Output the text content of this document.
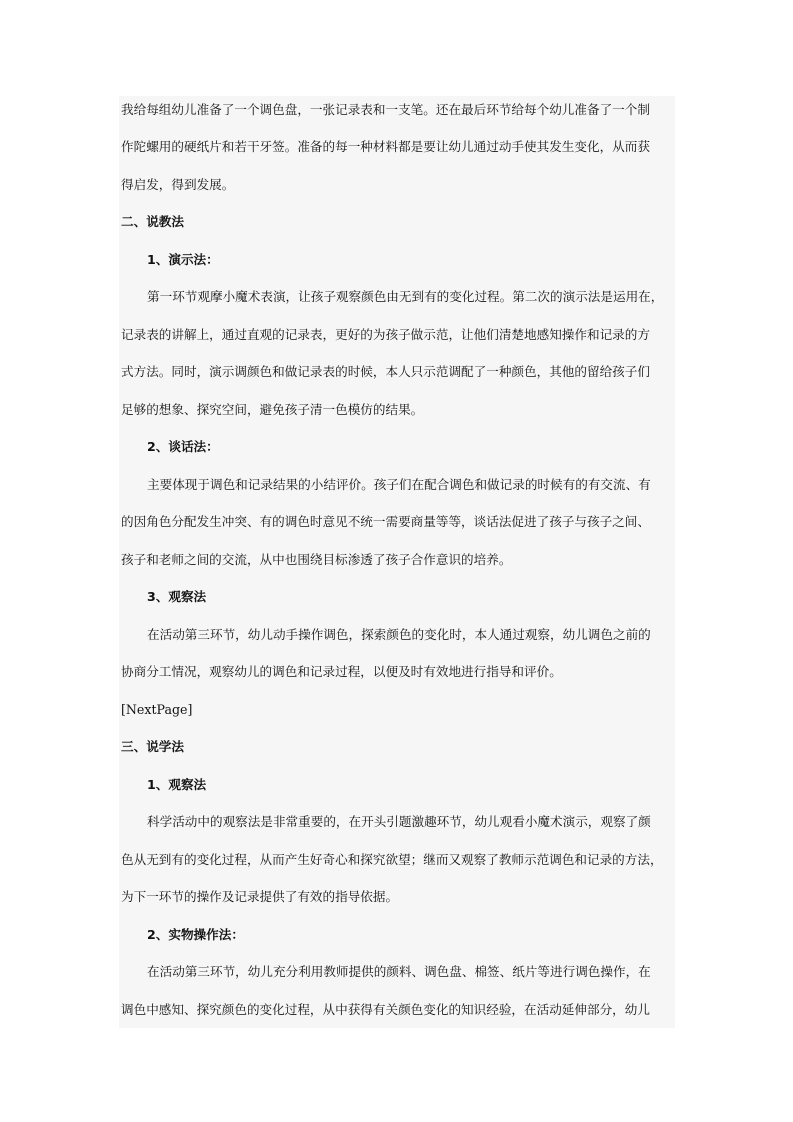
我给每组幼儿准备了一个调色盘，一张记录表和一支笔。还在最后环节给每个幼儿准备了一个制
作陀螺用的硬纸片和若干牙签。准备的每一种材料都是要让幼儿通过动手使其发生变化，从而获
得启发，得到发展。
二、说教法
1、演示法：
第一环节观摩小魔术表演，让孩子观察颜色由无到有的变化过程。第二次的演示法是运用在，
记录表的讲解上，通过直观的记录表，更好的为孩子做示范，让他们清楚地感知操作和记录的方
式方法。同时，演示调颜色和做记录表的时候，本人只示范调配了一种颜色，其他的留给孩子们
足够的想象、探究空间，避免孩子清一色模仿的结果。
2、谈话法：
主要体现于调色和记录结果的小结评价。孩子们在配合调色和做记录的时候有的有交流、有
的因角色分配发生冲突、有的调色时意见不统一需要商量等等，谈话法促进了孩子与孩子之间、
孩子和老师之间的交流，从中也围绕目标渗透了孩子合作意识的培养。
3、观察法
在活动第三环节，幼儿动手操作调色，探索颜色的变化时，本人通过观察，幼儿调色之前的
协商分工情况，观察幼儿的调色和记录过程，以便及时有效地进行指导和评价。
[NextPage]
三、说学法
1、观察法
科学活动中的观察法是非常重要的，在开头引题激趣环节，幼儿观看小魔术演示，观察了颜
色从无到有的变化过程，从而产生好奇心和探究欲望；继而又观察了教师示范调色和记录的方法，
为下一环节的操作及记录提供了有效的指导依据。
2、实物操作法：
在活动第三环节，幼儿充分利用教师提供的颜料、调色盘、棉签、纸片等进行调色操作，在
调色中感知、探究颜色的变化过程，从中获得有关颜色变化的知识经验，在活动延伸部分，幼儿
